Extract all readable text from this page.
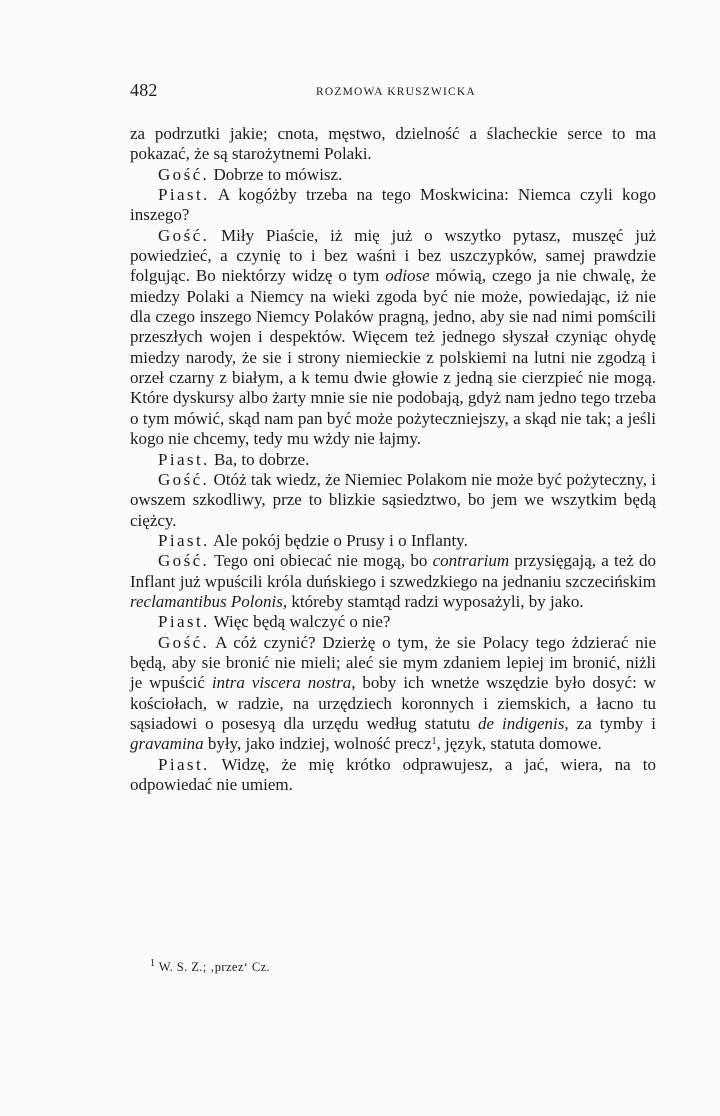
482	ROZMOWA KRUSZWICKA

za podrzutki jakie; cnota, męstwo, dzielność a ślacheckie serce to ma pokazać, że są starożytnemi Polaki.

Gość. Dobrze to mówisz.

Piast. A kogóżby trzeba na tego Moskwicina: Niemca czyli kogo inszego?

Gość. Miły Piaście, iż mię już o wszytko pytasz, muszęć już powiedzieć, a czynię to i bez waśni i bez uszczypków, samej prawdzie folgując. Bo niektórzy widzę o tym odiose mówią, czego ja nie chwalę, że miedzy Polaki a Niemcy na wieki zgoda być nie może, powiedając, iż nie dla czego inszego Niemcy Polaków pragną, jedno, aby sie nad nimi pomścili przeszłych wojen i despektów. Więcem też jednego słyszał czyniąc ohydę miedzy narody, że sie i strony niemieckie z polskiemi na lutni nie zgodzą i orzeł czarny z białym, a k temu dwie głowie z jedną sie cierzpieć nie mogą. Które dyskursy albo żarty mnie sie nie podobają, gdyż nam jedno tego trzeba o tym mówić, skąd nam pan być może pożyteczniejszy, a skąd nie tak; a jeśli kogo nie chcemy, tedy mu wżdy nie łajmy.

Piast. Ba, to dobrze.

Gość. Otóż tak wiedz, że Niemiec Polakom nie może być pożyteczny, i owszem szkodliwy, prze to blizkie sąsiedztwo, bo jem we wszytkim będą ciężcy.

Piast. Ale pokój będzie o Prusy i o Inflanty.

Gość. Tego oni obiecać nie mogą, bo contrarium przysięgają, a też do Inflant już wpuścili króla duńskiego i szwedzkiego na jednaniu szczecińskim reclamantibus Polonis, któreby stamtąd radzi wyposażyli, by jako.

Piast. Więc będą walczyć o nie?

Gość. A cóż czynić? Dzierżę o tym, że sie Polacy tego żdzierać nie będą, aby sie bronić nie mieli; aleć sie mym zdaniem lepiej im bronić, niżli je wpuścić intra viscera nostra, boby ich wnetże wszędzie było dosyć: w kościołach, w radzie, na urzędziech koronnych i ziemskich, a łacno tu sąsiadowi o posesyą dla urzędu według statutu de indigenis, za tymby i gravamina były, jako indziej, wolność precz$^1$, język, statuta domowe.

Piast. Widzę, że mię krótko odprawujesz, a jać, wiera, na to odpowiedać nie umiem.

$^1$ W. S. Z.; ‚przez‘ Cz.
